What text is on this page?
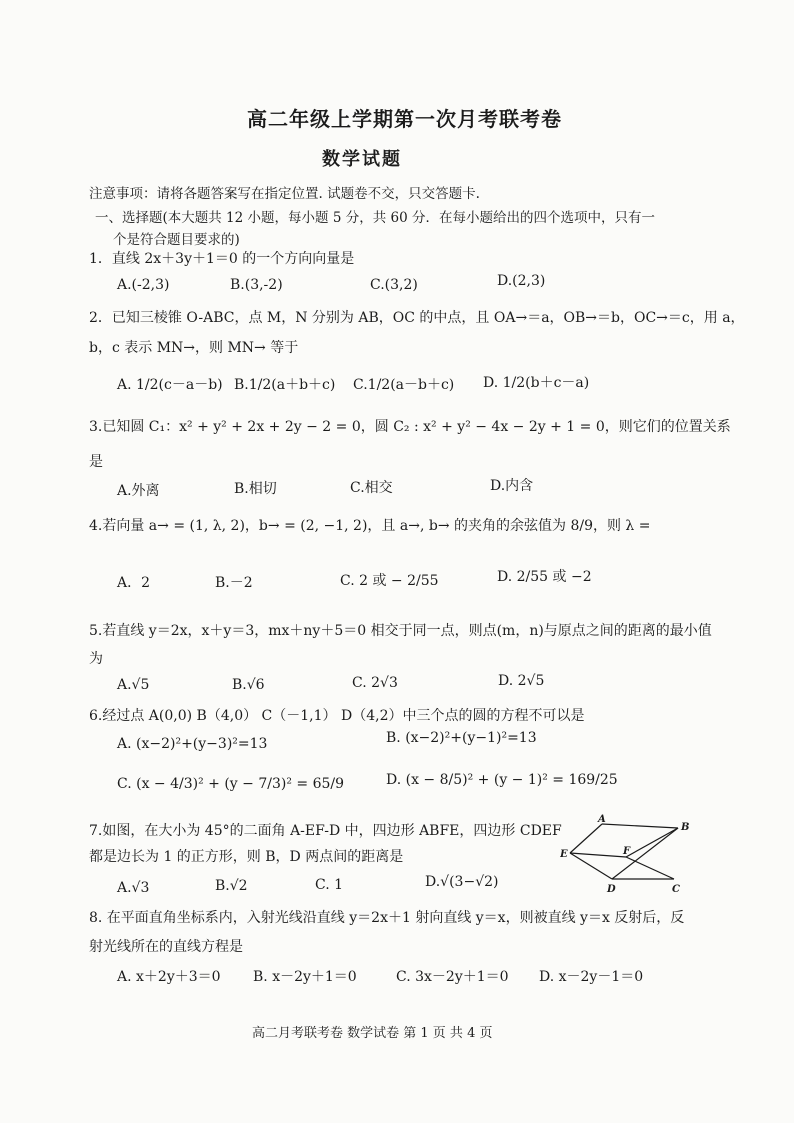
高二年级上学期第一次月考联考卷
数学试题
注意事项：请将各题答案写在指定位置. 试题卷不交，只交答题卡.
一、选择题(本大题共 12 小题，每小题 5 分，共 60 分．在每小题给出的四个选项中，只有一
个是符合题目要求的)
1．直线 2x＋3y＋1＝0 的一个方向向量是
A.(-2,3)	B.(3,-2)	C.(3,2)	D.(2,3)
2．已知三棱锥 O-ABC，点 M，N 分别为 AB，OC 的中点，且 OA→＝a，OB→＝b，OC→＝c，用 a，
b，c 表示 MN→，则 MN→ 等于
A. 1/2(c－a－b) B.1/2(a＋b＋c) C.1/2(a－b＋c) D. 1/2(b＋c－a)
3.已知圆 C₁：x² + y² + 2x + 2y − 2 = 0，圆 C₂ : x² + y² − 4x − 2y + 1 = 0，则它们的位置关系
是
A.外离	B.相切	C.相交	D.内含
4.若向量 a→ = (1, λ, 2)，b→ = (2, −1, 2)，且 a→, b→ 的夹角的余弦值为 8/9，则 λ =
A．2	B.－2	C. 2 或 − 2/55	D. 2/55 或 −2
5.若直线 y＝2x，x＋y＝3，mx＋ny＋5＝0 相交于同一点，则点(m，n)与原点之间的距离的最小值
为
A.√5	B.√6	C. 2√3	D. 2√5
6.经过点 A(0,0) B（4,0） C（－1,1） D（4,2）中三个点的圆的方程不可以是
A. (x−2)²+(y−3)²=13	B. (x−2)²+(y−1)²=13
C. (x − 4/3)² + (y − 7/3)² = 65/9	D. (x − 8/5)² + (y − 1)² = 169/25
7.如图，在大小为 45°的二面角 A-EF-D 中，四边形 ABFE，四边形 CDEF
都是边长为 1 的正方形，则 B，D 两点间的距离是
A.√3	B.√2	C. 1	D.√(3−√2)
A
B
E	F
D	C
8. 在平面直角坐标系内，入射光线沿直线 y＝2x＋1 射向直线 y＝x，则被直线 y＝x 反射后，反
射光线所在的直线方程是
A. x＋2y＋3＝0 B. x－2y＋1＝0	C. 3x－2y＋1＝0 D. x－2y－1＝0
高二月考联考卷 数学试卷 第 1 页 共 4 页
